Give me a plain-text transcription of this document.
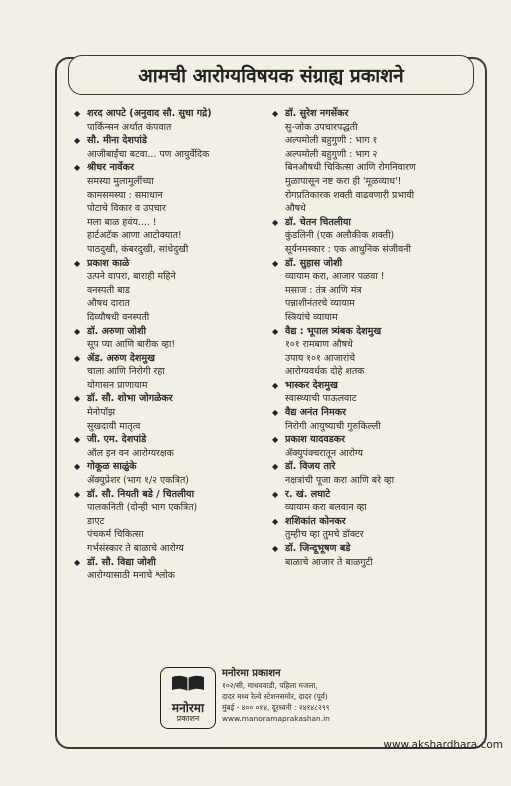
आमची आरोग्यविषयक संग्राह्य प्रकाशने
◆ शरद आपटे (अनुवाद सौ. सुधा गद्रे)
पार्किन्सन अर्थात कंपवात
◆ सौ. मीना देशपांडे
आजीबाईंचा बटवा... पण आयुर्वेदिक
◆ श्रीधर नार्वेकर
समस्या मुलामुलींच्या
कामसमस्या : समाधान
पोटाचे विकार व उपचार
मला बाळ हवंय.... !
हार्टअटॅक आणा आटोक्यात!
पाठदुखी, कंबरदुखी, सांधेदुखी
◆ प्रकाश काळे
उत्पने वापरा, बाराही महिने
वनस्पती बाड
औषध दारात
दिव्यौषधी वनस्पती
◆ डॉ. अरुणा जोशी
सूप प्या आणि बारीक व्हा!
◆ ॲड. अरुण देशमुख
चाला आणि निरोगी रहा
योगासन प्राणायाम
◆ डॉ. सौ. शोभा जोगळेकर
मेनोपॉझ
सुखदायी मातृत्व
◆ जी. एम. देशपांडे
ऑल इन वन आरोग्यरक्षक
◆ गोकूळ साळुंके
ॲक्युप्रेशर (भाग १/२ एकत्रित)
◆ डॉ. सौ. नियती बडे / चितलीया
पालकनिती (दोन्ही भाग एकत्रित)
डाएट
पंचकर्म चिकित्सा
गर्भसंस्कार ते बाळाचे आरोग्य
◆ डॉ. सौ. विद्या जोशी
आरोग्यासाठी मनाचे श्लोक
◆ डॉ. सुरेश नगर्सेकर
सु-जोक उपचारपद्धती
अल्पमोली बहुगुणी : भाग १
अल्पमोली बहुगुणी : भाग २
बिनऔषधी चिकित्सा आणि रोगनिवारण
मुळापासून नष्ट करा ही 'मूळव्याध'!
रोगप्रतिकारक शक्ती वाढवणारी प्रभावी
औषधे
◆ डॉ. चेतन चितलीया
कुंडलिनी (एक अलौकीक शक्ती)
सूर्यनमस्कार : एक आधुनिक संजीवनी
◆ डॉ. सुहास जोशी
व्यायाम करा, आजार पळवा !
मसाज : तंत्र आणि मंत्र
पन्नाशीनंतरचे व्यायाम
स्त्रियांचे व्यायाम
◆ वैद्य : भूपाल त्र्यंबक देशमुख
१०१ रामबाण औषधे
उपाय १०१ आजारांचे
आरोग्यवर्धक दोहे शतक
◆ भास्कर देशमुख
स्वास्थ्याची पाऊलवाट
◆ वैद्य अनंत निमकर
निरोगी आयुष्याची गुरुकिल्ली
◆ प्रकाश यादवडकर
ॲक्युपंक्चरातून आरोग्य
◆ डॉ. विजय तारे
नक्षत्रांची पूजा करा आणि बरे व्हा
◆ र. खं. लघाटे
व्यायाम करा बलवान व्हा
◆ शशिकांत कोनकर
तुम्हीच व्हा तुमचे डॉक्टर
◆ डॉ. जिन्दूभूषण बडे
बाळाचे आजार ते बाळगुटी
मनोरमा
प्रकाशन
मनोरमा प्रकाशन
१०२/सी, माधववाडी, पहिला मजला,
दादर मध्य रेल्वे स्टेशनसमोर, दादर (पूर्व)
मुंबई - ४०० ०१४, दूरध्वनी : २४१४८२९९
www.manoramaprakashan.in
www.akshardhara.com
